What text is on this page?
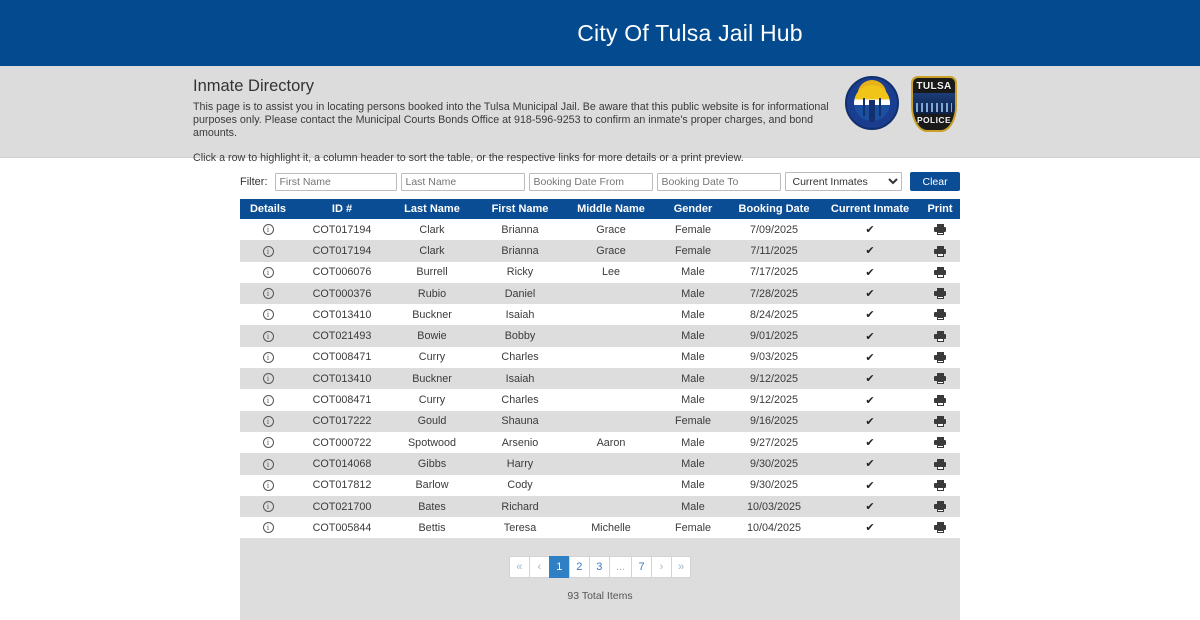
City Of Tulsa Jail Hub
Inmate Directory

This page is to assist you in locating persons booked into the Tulsa Municipal Jail. Be aware that this public website is for informational purposes only. Please contact the Municipal Courts Bonds Office at 918-596-9253 to confirm an inmate's proper charges, and bond amounts.

Click a row to highlight it, a column header to sort the table, or the respective links for more details or a print preview.

TULSA
POLICE
Filter:
First Name
Last Name
Booking Date From
Booking Date To
Current Inmates	Clear
Details	ID #	Last Name	First Name	Middle Name	Gender	Booking Date	Current Inmate	Print
i	COT017194	Clark	Brianna	Grace	Female	7/09/2025	✔	

i	COT017194	Clark	Brianna	Grace	Female	7/11/2025	✔	

i	COT006076	Burrell	Ricky	Lee	Male	7/17/2025	✔	

i	COT000376	Rubio	Daniel		Male	7/28/2025	✔	

i	COT013410	Buckner	Isaiah		Male	8/24/2025	✔	

i	COT021493	Bowie	Bobby		Male	9/01/2025	✔	

i	COT008471	Curry	Charles		Male	9/03/2025	✔	

i	COT013410	Buckner	Isaiah		Male	9/12/2025	✔	

i	COT008471	Curry	Charles		Male	9/12/2025	✔	

i	COT017222	Gould	Shauna		Female	9/16/2025	✔	

i	COT000722	Spotwood	Arsenio	Aaron	Male	9/27/2025	✔	

i	COT014068	Gibbs	Harry		Male	9/30/2025	✔	

i	COT017812	Barlow	Cody		Male	9/30/2025	✔	

i	COT021700	Bates	Richard		Male	10/03/2025	✔	

i	COT005844	Bettis	Teresa	Michelle	Female	10/04/2025	✔	
«	‹	1	2	3	...	7	›	»
93 Total Items
